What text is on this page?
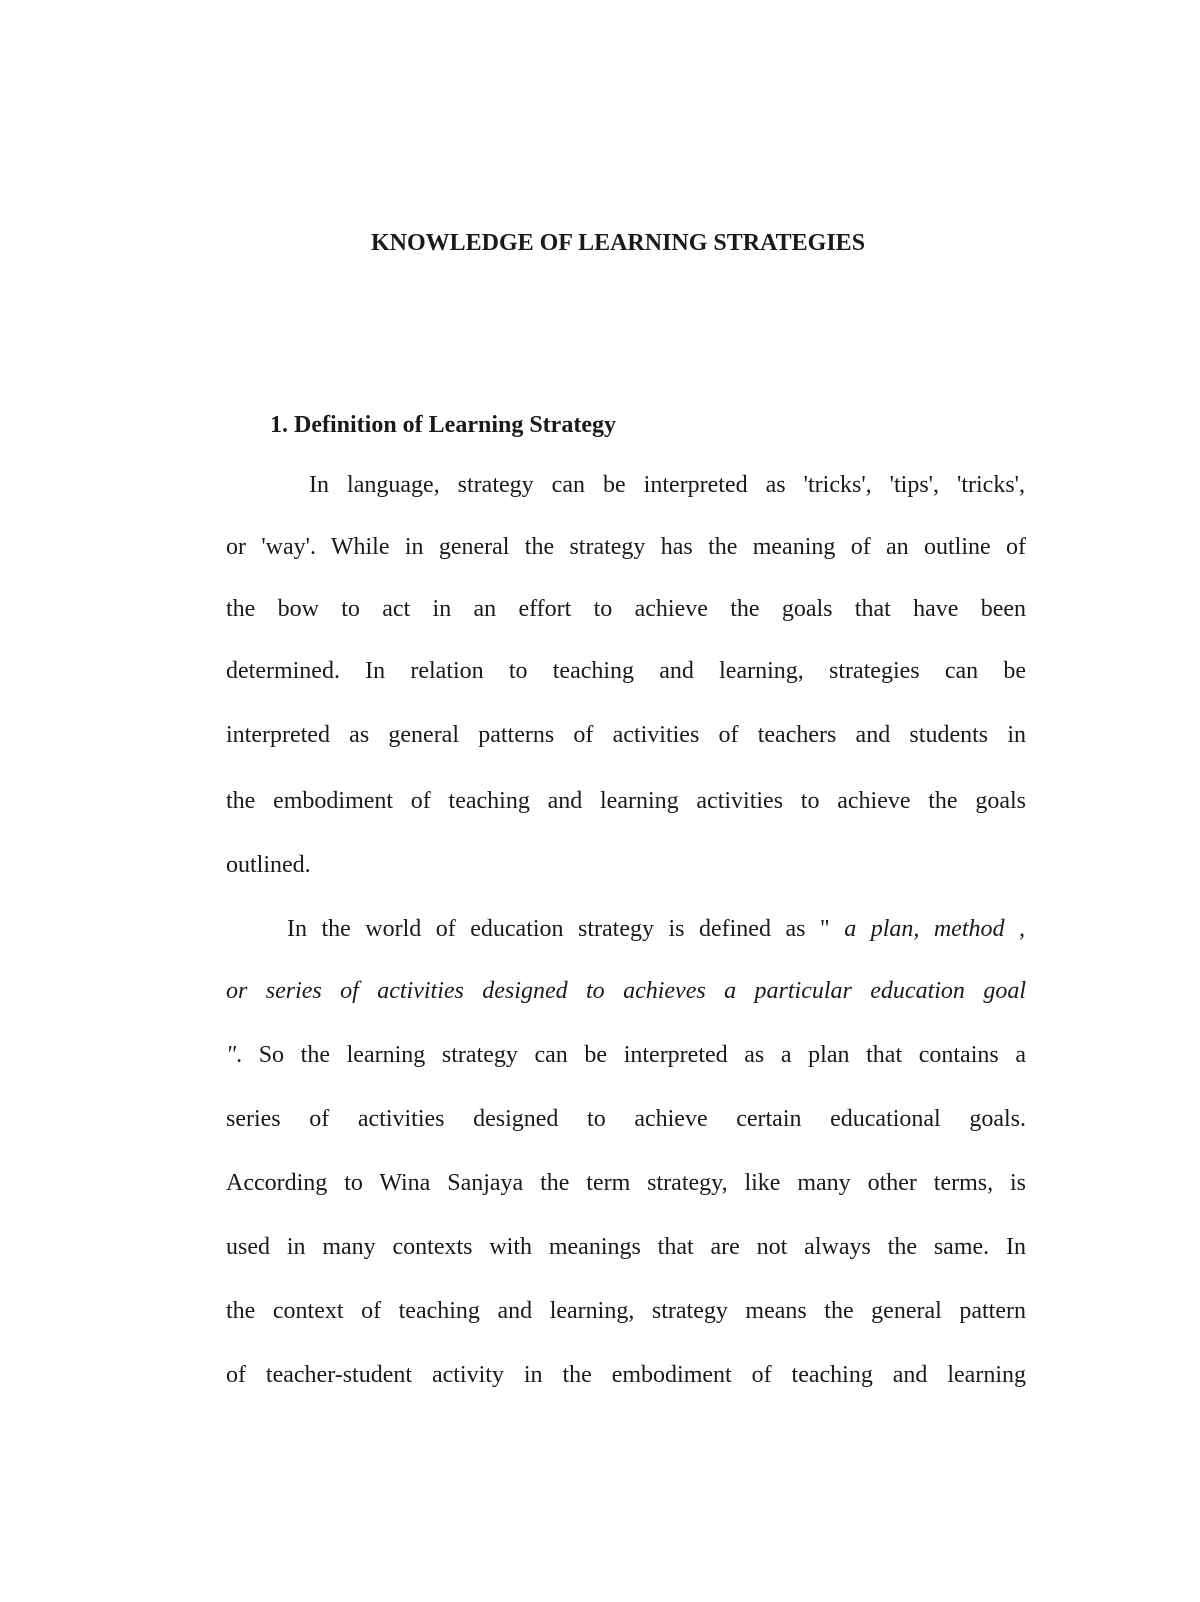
KNOWLEDGE OF LEARNING STRATEGIES
1. Definition of Learning Strategy
In language, strategy can be interpreted as 'tricks', 'tips', 'tricks',
or 'way'. While in general the strategy has the meaning of an outline of
the bow to act in an effort to achieve the goals that have been
determined. In relation to teaching and learning, strategies can be
interpreted as general patterns of activities of teachers and students in
the embodiment of teaching and learning activities to achieve the goals
outlined.
In the world of education strategy is defined as " a plan, method ,
or series of activities designed to achieves a particular education goal
". So the learning strategy can be interpreted as a plan that contains a
series of activities designed to achieve certain educational goals.
According to Wina Sanjaya the term strategy, like many other terms, is
used in many contexts with meanings that are not always the same. In
the context of teaching and learning, strategy means the general pattern
of teacher-student activity in the embodiment of teaching and learning
